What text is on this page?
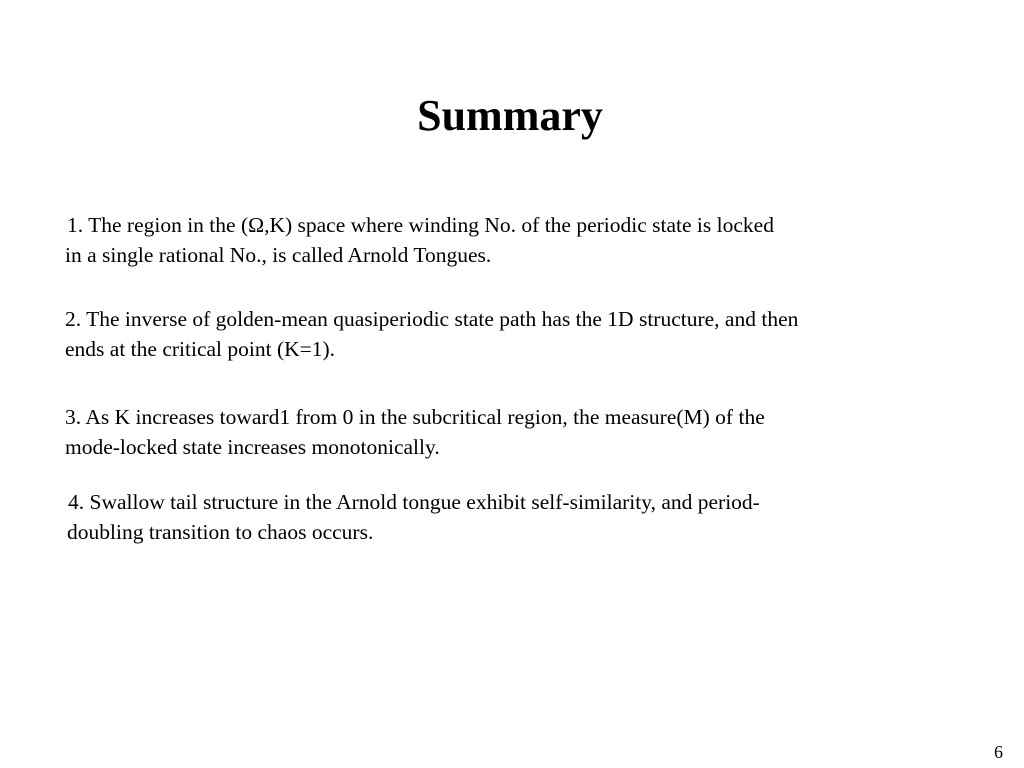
Summary

1. The region in the (Ω,K) space where winding No. of the periodic state is locked
in a single rational No., is called Arnold Tongues.

2. The inverse of golden-mean quasiperiodic state path has the 1D structure, and then
ends at the critical point (K=1).

3. As K increases toward1 from 0 in the subcritical region, the measure(M) of the
mode-locked state increases monotonically.

4. Swallow tail structure in the Arnold tongue exhibit self-similarity, and period-
doubling transition to chaos occurs.

6
